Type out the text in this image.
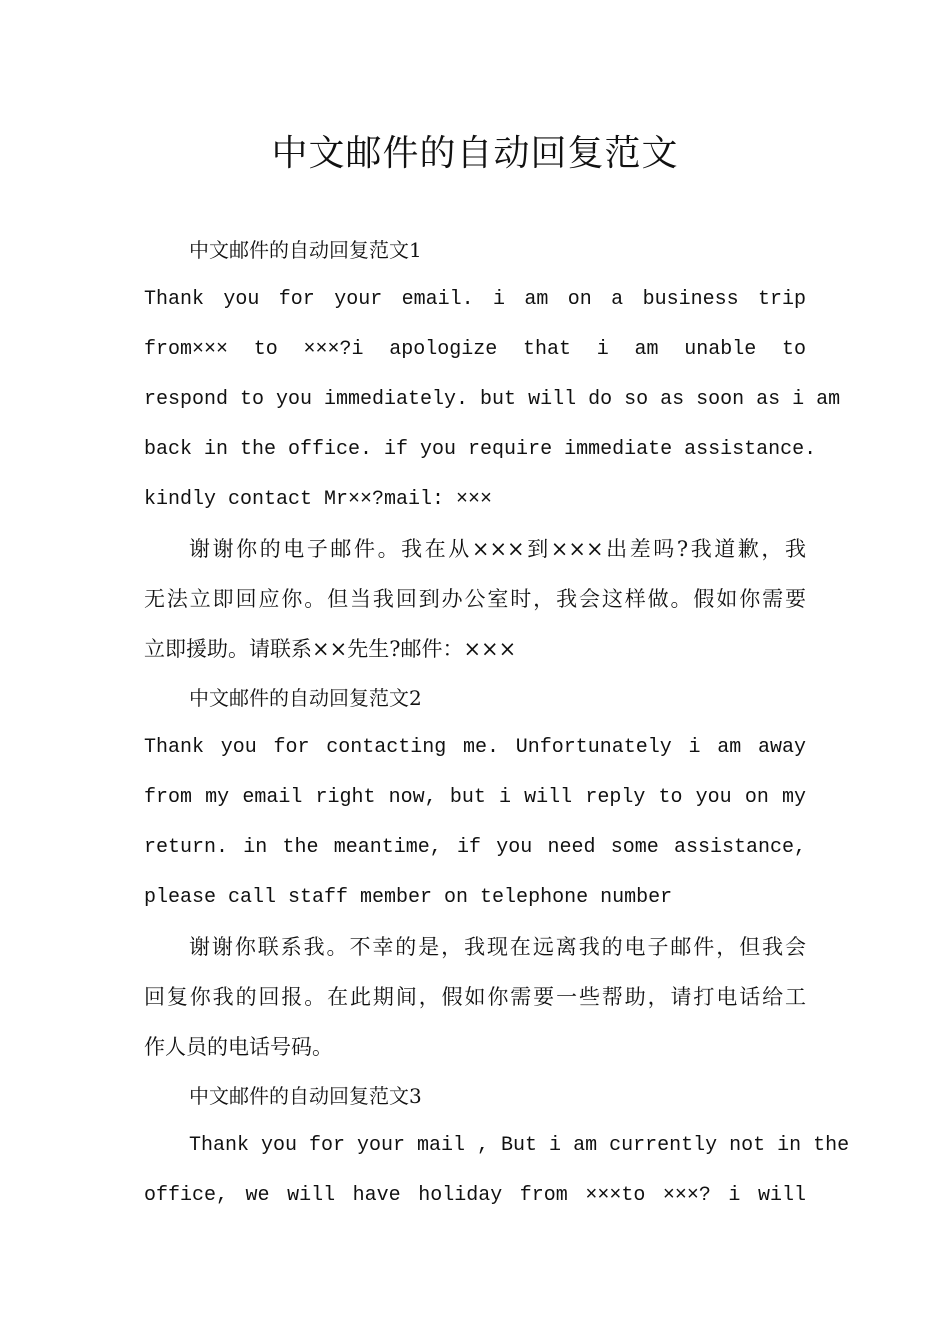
中文邮件的自动回复范文
中文邮件的自动回复范文1
Thank you for your email. i am on a business trip
from××× to ×××?i apologize that i am unable to
respond to you immediately. but will do so as soon as i am
back in the office. if you require immediate assistance.
kindly contact Mr××?mail: ×××
谢谢你的电子邮件。我在从×××到×××出差吗?我道歉，我
无法立即回应你。但当我回到办公室时，我会这样做。假如你需要
立即援助。请联系××先生?邮件：×××
中文邮件的自动回复范文2
Thank you for contacting me. Unfortunately i am away
from my email right now, but i will reply to you on my
return. in the meantime, if you need some assistance,
please call staff member on telephone number
谢谢你联系我。不幸的是，我现在远离我的电子邮件，但我会
回复你我的回报。在此期间，假如你需要一些帮助，请打电话给工
作人员的电话号码。
中文邮件的自动回复范文3
Thank you for your mail , But i am currently not in the
office, we will have holiday from ×××to ×××? i will
